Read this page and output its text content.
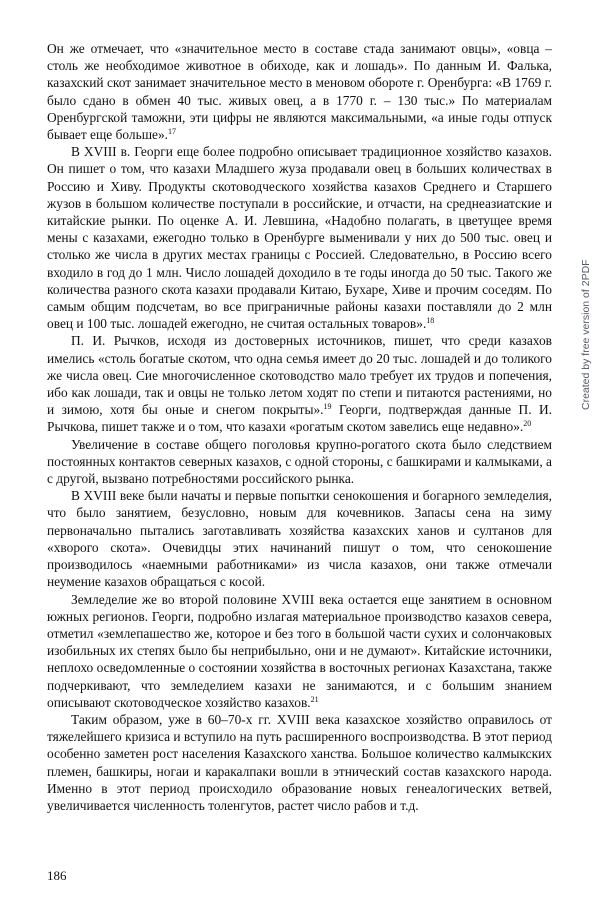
Он же отмечает, что «значительное место в составе стада занимают овцы», «овца – столь же необходимое животное в обиходе, как и лошадь». По данным И. Фалька, казахский скот занимает значительное место в меновом обороте г. Оренбурга: «В 1769 г. было сдано в обмен 40 тыс. живых овец, а в 1770 г. – 130 тыс.» По материалам Оренбургской таможни, эти цифры не являются максимальными, «а иные годы отпуск бывает еще больше».$^{17}$

В XVIII в. Георги еще более подробно описывает традиционное хозяйство казахов. Он пишет о том, что казахи Младшего жуза продавали овец в больших количествах в Россию и Хиву. Продукты скотоводческого хозяйства казахов Среднего и Старшего жузов в большом количестве поступали в российские, и отчасти, на среднеазиатские и китайские рынки. По оценке А. И. Левшина, «Надобно полагать, в цветущее время мены с казахами, ежегодно только в Оренбурге выменивали у них до 500 тыс. овец и столько же числа в других местах границы с Россией. Следовательно, в Россию всего входило в год до 1 млн. Число лошадей доходило в те годы иногда до 50 тыс. Такого же количества разного скота казахи продавали Китаю, Бухаре, Хиве и прочим соседям. По самым общим подсчетам, во все приграничные районы казахи поставляли до 2 млн овец и 100 тыс. лошадей ежегодно, не считая остальных товаров».$^{18}$

П. И. Рычков, исходя из достоверных источников, пишет, что среди казахов имелись «столь богатые скотом, что одна семья имеет до 20 тыс. лошадей и до толикого же числа овец. Сие многочисленное скотоводство мало требует их трудов и попечения, ибо как лошади, так и овцы не только летом ходят по степи и питаются растениями, но и зимою, хотя бы оные и снегом покрыты».$^{19}$ Георги, подтверждая данные П. И. Рычкова, пишет также и о том, что казахи «рогатым скотом завелись еще недавно».$^{20}$

Увеличение в составе общего поголовья крупно-рогатого скота было следствием постоянных контактов северных казахов, с одной стороны, с башкирами и калмыками, а с другой, вызвано потребностями российского рынка.

В XVIII веке были начаты и первые попытки сенокошения и богарного земледелия, что было занятием, безусловно, новым для кочевников. Запасы сена на зиму первоначально пытались заготавливать хозяйства казахских ханов и султанов для «хворого скота». Очевидцы этих начинаний пишут о том, что сенокошение производилось «наемными работниками» из числа казахов, они также отмечали неумение казахов обращаться с косой.

Земледелие же во второй половине XVIII века остается еще занятием в основном южных регионов. Георги, подробно излагая материальное производство казахов севера, отметил «землепашество же, которое и без того в большой части сухих и солончаковых изобильных их степях было бы неприбыльно, они и не думают». Китайские источники, неплохо осведомленные о состоянии хозяйства в восточных регионах Казахстана, также подчеркивают, что земледелием казахи не занимаются, и с большим знанием описывают скотоводческое хозяйство казахов.$^{21}$

Таким образом, уже в 60–70-х гг. XVIII века казахское хозяйство оправилось от тяжелейшего кризиса и вступило на путь расширенного воспроизводства. В этот период особенно заметен рост населения Казахского ханства. Большое количество калмыкских племен, башкиры, ногаи и каракалпаки вошли в этнический состав казахского народа. Именно в этот период происходило образование новых генеалогических ветвей, увеличивается численность толенгутов, растет число рабов и т.д.

186
Created by free version of 2PDF
